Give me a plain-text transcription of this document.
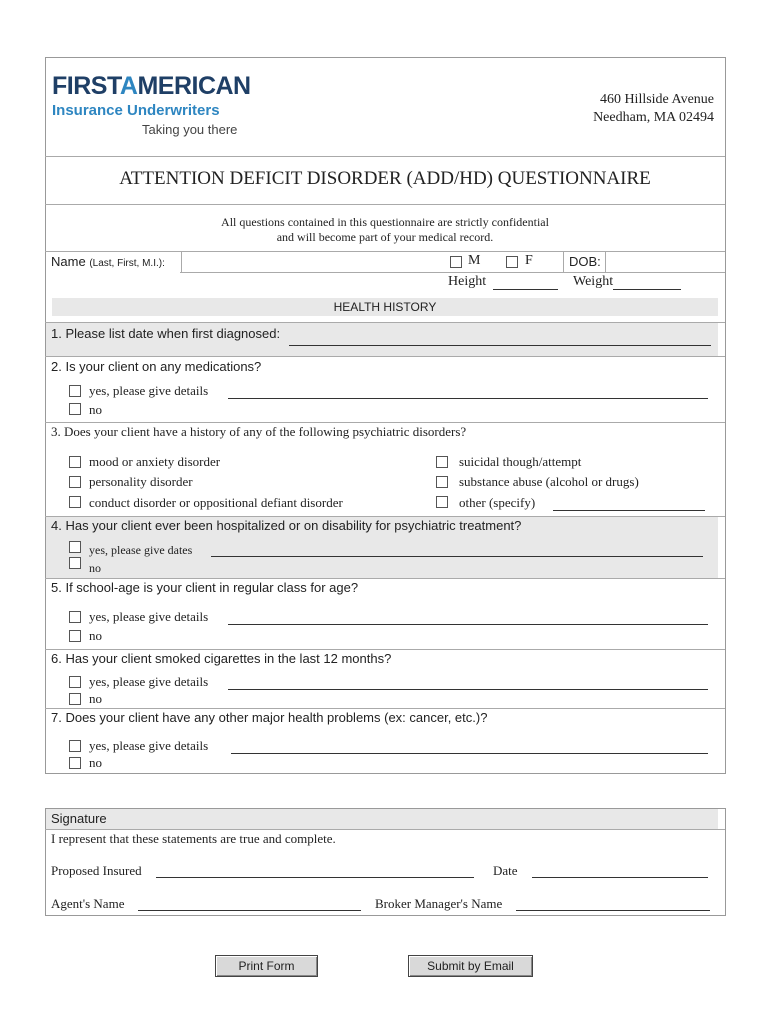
FIRSTAMERICAN
Insurance Underwriters
Taking you there
460 Hillside Avenue
Needham, MA 02494
ATTENTION DEFICIT DISORDER (ADD/HD) QUESTIONNAIRE
All questions contained in this questionnaire are strictly confidential
and will become part of your medical record.
Name (Last, First, M.I.):	M	F	DOB:
Height	Weight
HEALTH HISTORY
1. Please list date when first diagnosed:
2. Is your client on any medications?
yes, please give details
no
3. Does your client have a history of any of the following psychiatric disorders?
mood or anxiety disorder
personality disorder
conduct disorder or oppositional defiant disorder
suicidal though/attempt
substance abuse (alcohol or drugs)
other (specify)
4. Has your client ever been hospitalized or on disability for psychiatric treatment?
yes, please give dates
no
5. If school-age is your client in regular class for age?
yes, please give details
no
6. Has your client smoked cigarettes in the last 12 months?
yes, please give details
no
7. Does your client have any other major health problems (ex: cancer, etc.)?
yes, please give details
no
Signature
I represent that these statements are true and complete.
Proposed Insured	Date
Agent's Name	Broker Manager's Name
Print Form	Submit by Email
